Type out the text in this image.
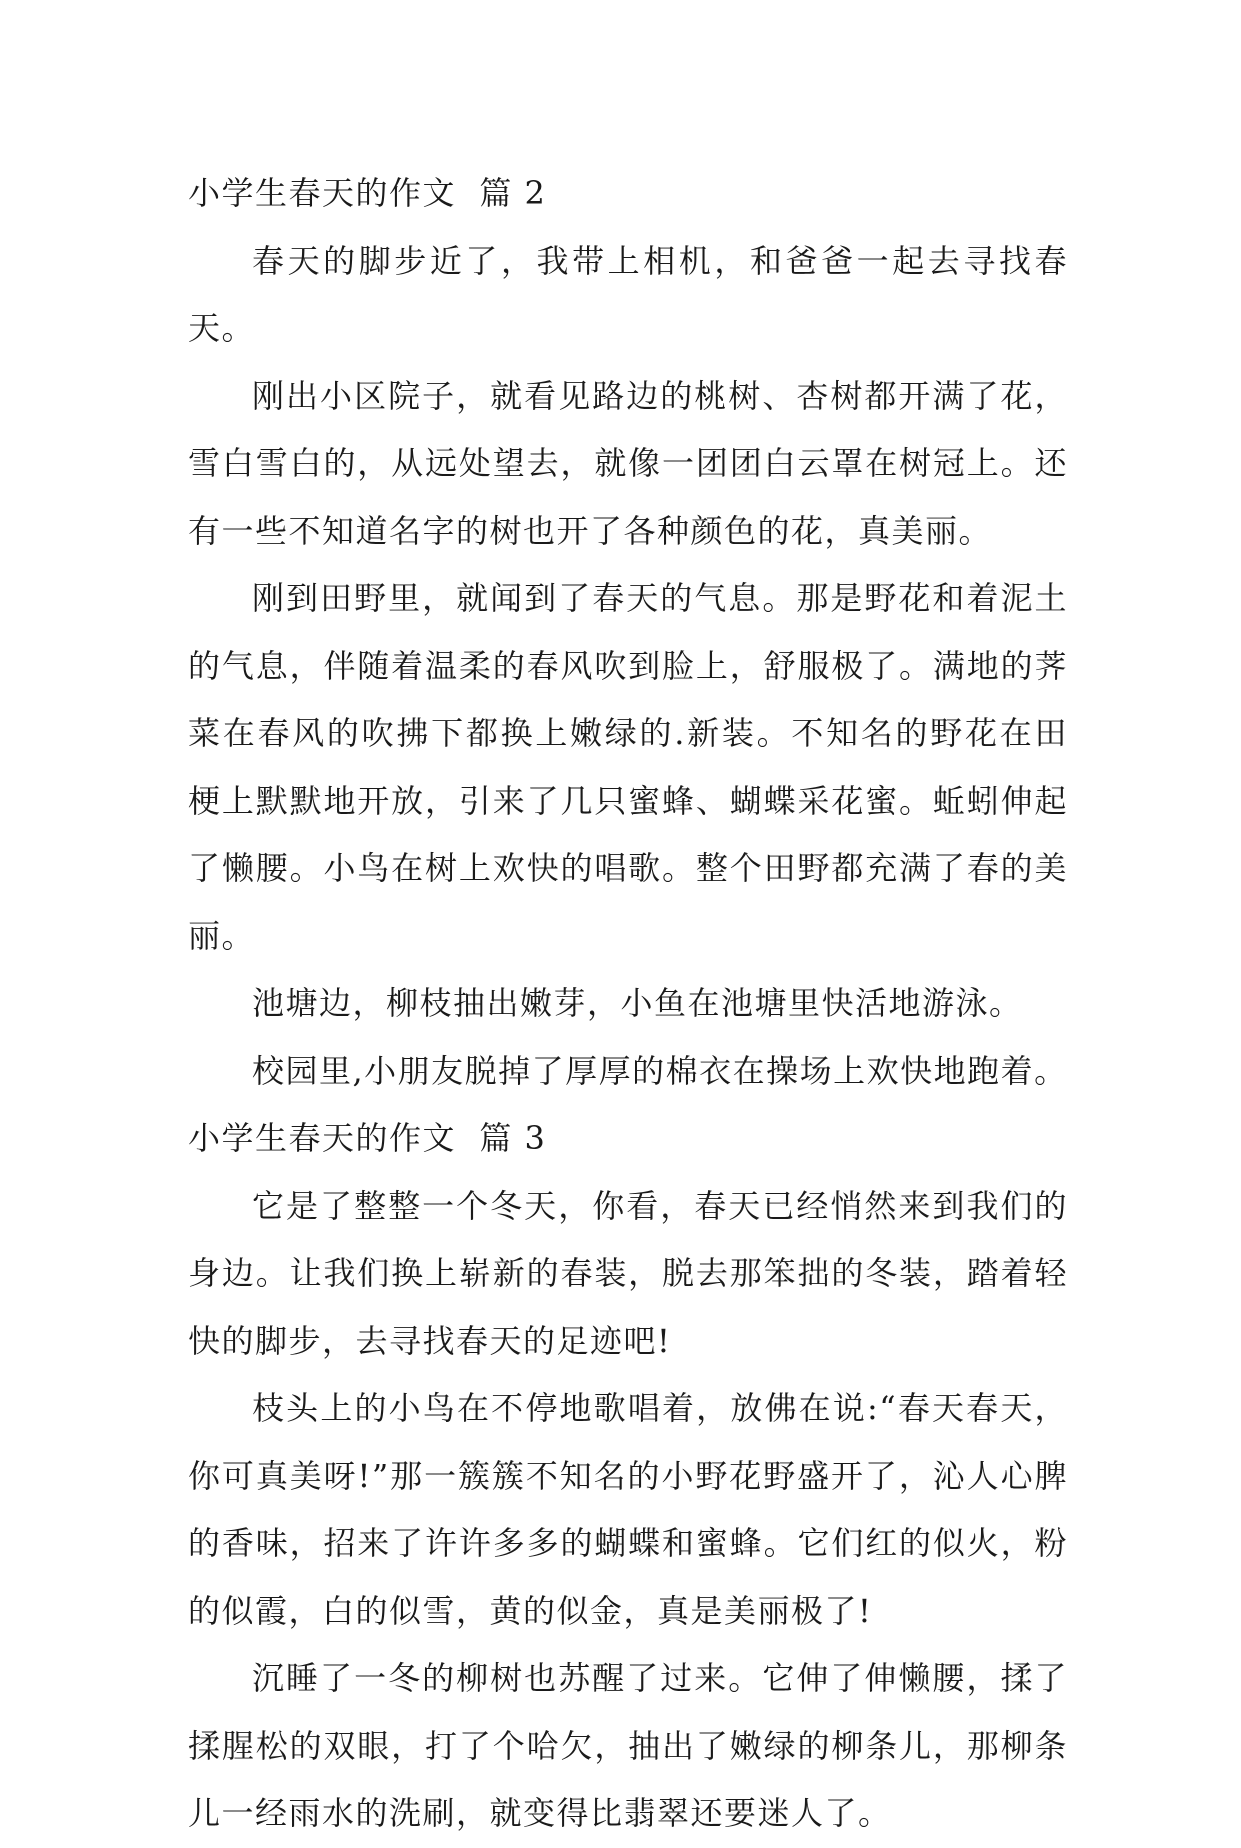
小学生春天的作文  篇 2

春天的脚步近了，我带上相机，和爸爸一起去寻找春天。

刚出小区院子，就看见路边的桃树、杏树都开满了花，雪白雪白的，从远处望去，就像一团团白云罩在树冠上。还有一些不知道名字的树也开了各种颜色的花，真美丽。

刚到田野里，就闻到了春天的气息。那是野花和着泥土的气息，伴随着温柔的春风吹到脸上，舒服极了。满地的荠菜在春风的吹拂下都换上嫩绿的.新装。不知名的野花在田梗上默默地开放，引来了几只蜜蜂、蝴蝶采花蜜。蚯蚓伸起了懒腰。小鸟在树上欢快的唱歌。整个田野都充满了春的美丽。

池塘边，柳枝抽出嫩芽，小鱼在池塘里快活地游泳。

校园里,小朋友脱掉了厚厚的棉衣在操场上欢快地跑着。

小学生春天的作文  篇 3

它是了整整一个冬天，你看，春天已经悄然来到我们的身边。让我们换上崭新的春装，脱去那笨拙的冬装，踏着轻快的脚步，去寻找春天的足迹吧!

枝头上的小鸟在不停地歌唱着，放佛在说:“春天春天，你可真美呀!”那一簇簇不知名的小野花野盛开了，沁人心脾的香味，招来了许许多多的蝴蝶和蜜蜂。它们红的似火，粉的似霞，白的似雪，黄的似金，真是美丽极了!

沉睡了一冬的柳树也苏醒了过来。它伸了伸懒腰，揉了揉腥松的双眼，打了个哈欠，抽出了嫩绿的柳条儿，那柳条儿一经雨水的洗刷，就变得比翡翠还要迷人了。
